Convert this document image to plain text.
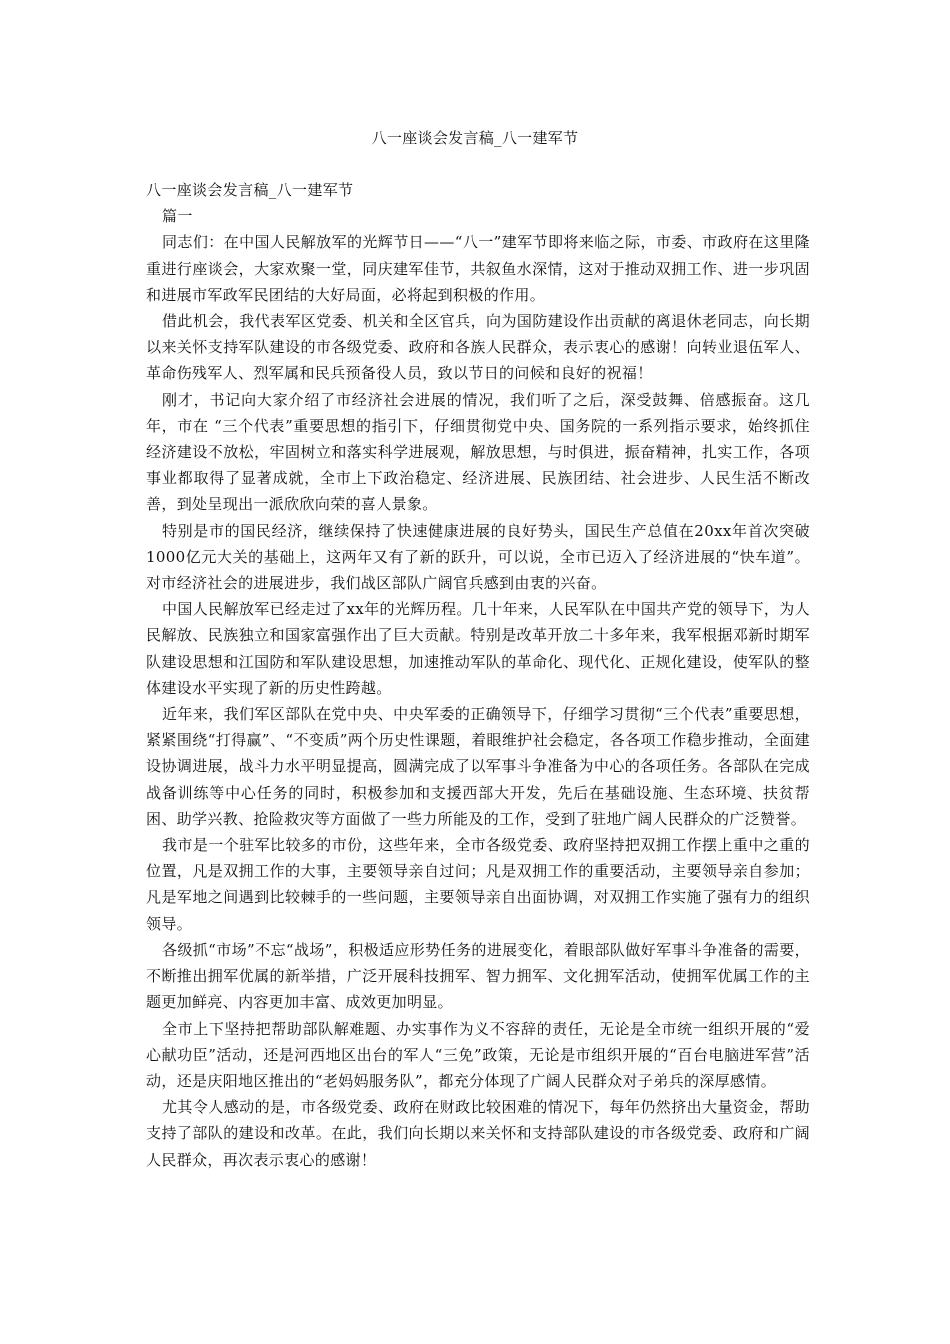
八一座谈会发言稿_八一建军节

八一座谈会发言稿_八一建军节

篇一

同志们：在中国人民解放军的光辉节日——“八一”建军节即将来临之际，市委、市政府在这里隆重进行座谈会，大家欢聚一堂，同庆建军佳节，共叙鱼水深情，这对于推动双拥工作、进一步巩固和进展市军政军民团结的大好局面，必将起到积极的作用。

借此机会，我代表军区党委、机关和全区官兵，向为国防建设作出贡献的离退休老同志，向长期以来关怀支持军队建设的市各级党委、政府和各族人民群众，表示衷心的感谢！向转业退伍军人、革命伤残军人、烈军属和民兵预备役人员，致以节日的问候和良好的祝福！

刚才，书记向大家介绍了市经济社会进展的情况，我们听了之后，深受鼓舞、倍感振奋。这几年，市在 “三个代表”重要思想的指引下，仔细贯彻党中央、国务院的一系列指示要求，始终抓住经济建设不放松，牢固树立和落实科学进展观，解放思想，与时俱进，振奋精神，扎实工作，各项事业都取得了显著成就，全市上下政治稳定、经济进展、民族团结、社会进步、人民生活不断改善，到处呈现出一派欣欣向荣的喜人景象。

特别是市的国民经济，继续保持了快速健康进展的良好势头，国民生产总值在20xx年首次突破 1000亿元大关的基础上，这两年又有了新的跃升，可以说，全市已迈入了经济进展的“快车道”。对市经济社会的进展进步，我们战区部队广阔官兵感到由衷的兴奋。

中国人民解放军已经走过了xx年的光辉历程。几十年来，人民军队在中国共产党的领导下，为人民解放、民族独立和国家富强作出了巨大贡献。特别是改革开放二十多年来，我军根据邓新时期军队建设思想和江国防和军队建设思想，加速推动军队的革命化、现代化、正规化建设，使军队的整体建设水平实现了新的历史性跨越。

近年来，我们军区部队在党中央、中央军委的正确领导下，仔细学习贯彻“三个代表”重要思想，紧紧围绕“打得赢”、“不变质”两个历史性课题，着眼维护社会稳定，各各项工作稳步推动，全面建设协调进展，战斗力水平明显提高，圆满完成了以军事斗争准备为中心的各项任务。各部队在完成战备训练等中心任务的同时，积极参加和支援西部大开发，先后在基础设施、生态环境、扶贫帮困、助学兴教、抢险救灾等方面做了一些力所能及的工作，受到了驻地广阔人民群众的广泛赞誉。

我市是一个驻军比较多的市份，这些年来，全市各级党委、政府坚持把双拥工作摆上重中之重的位置，凡是双拥工作的大事，主要领导亲自过问；凡是双拥工作的重要活动，主要领导亲自参加；凡是军地之间遇到比较棘手的一些问题，主要领导亲自出面协调，对双拥工作实施了强有力的组织领导。

各级抓“市场”不忘“战场”，积极适应形势任务的进展变化，着眼部队做好军事斗争准备的需要，不断推出拥军优属的新举措，广泛开展科技拥军、智力拥军、文化拥军活动，使拥军优属工作的主题更加鲜亮、内容更加丰富、成效更加明显。

全市上下坚持把帮助部队解难题、办实事作为义不容辞的责任，无论是全市统一组织开展的“爱心献功臣”活动，还是河西地区出台的军人“三免”政策，无论是市组织开展的“百台电脑进军营”活动，还是庆阳地区推出的“老妈妈服务队”，都充分体现了广阔人民群众对子弟兵的深厚感情。

尤其令人感动的是，市各级党委、政府在财政比较困难的情况下，每年仍然挤出大量资金，帮助支持了部队的建设和改革。在此，我们向长期以来关怀和支持部队建设的市各级党委、政府和广阔人民群众，再次表示衷心的感谢！
